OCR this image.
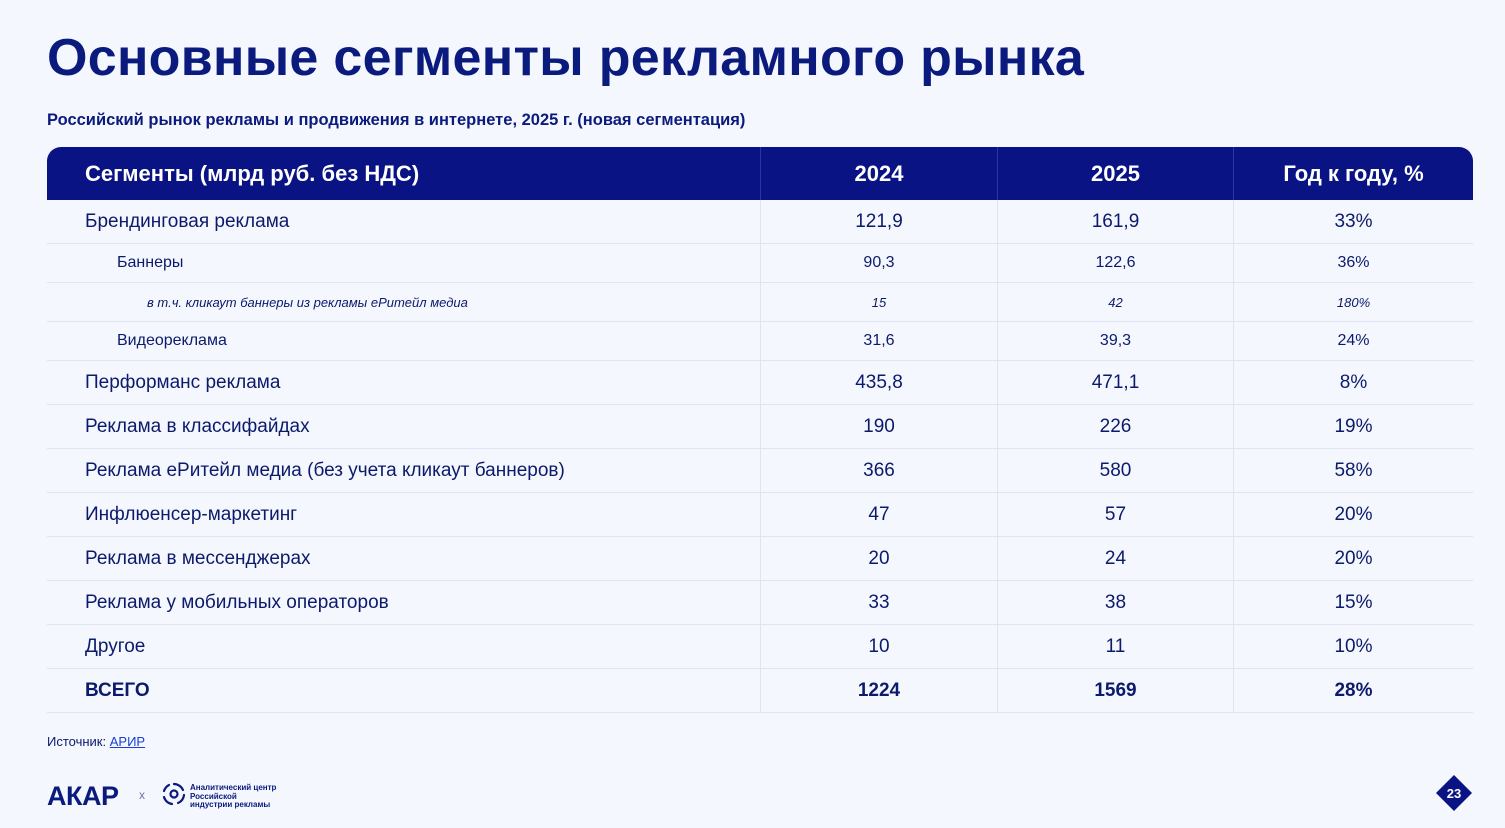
Основные сегменты рекламного рынка
Российский рынок рекламы и продвижения в интернете, 2025 г. (новая сегментация)
Сегменты (млрд руб. без НДС)	2024	2025	Год к году, %
Брендинговая реклама	121,9	161,9	33%
Баннеры	90,3	122,6	36%
в т.ч. кликаут баннеры из рекламы еРитейл медиа	15	42	180%
Видеореклама	31,6	39,3	24%
Перформанс реклама	435,8	471,1	8%
Реклама в классифайдах	190	226	19%
Реклама еРитейл медиа (без учета кликаут баннеров)	366	580	58%
Инфлюенсер-маркетинг	47	57	20%
Реклама в мессенджерах	20	24	20%
Реклама у мобильных операторов	33	38	15%
Другое	10	11	10%
ВСЕГО	1224	1569	28%
Источник: АРИР
АКАР x
Аналитический центр Российской индустрии рекламы
23
